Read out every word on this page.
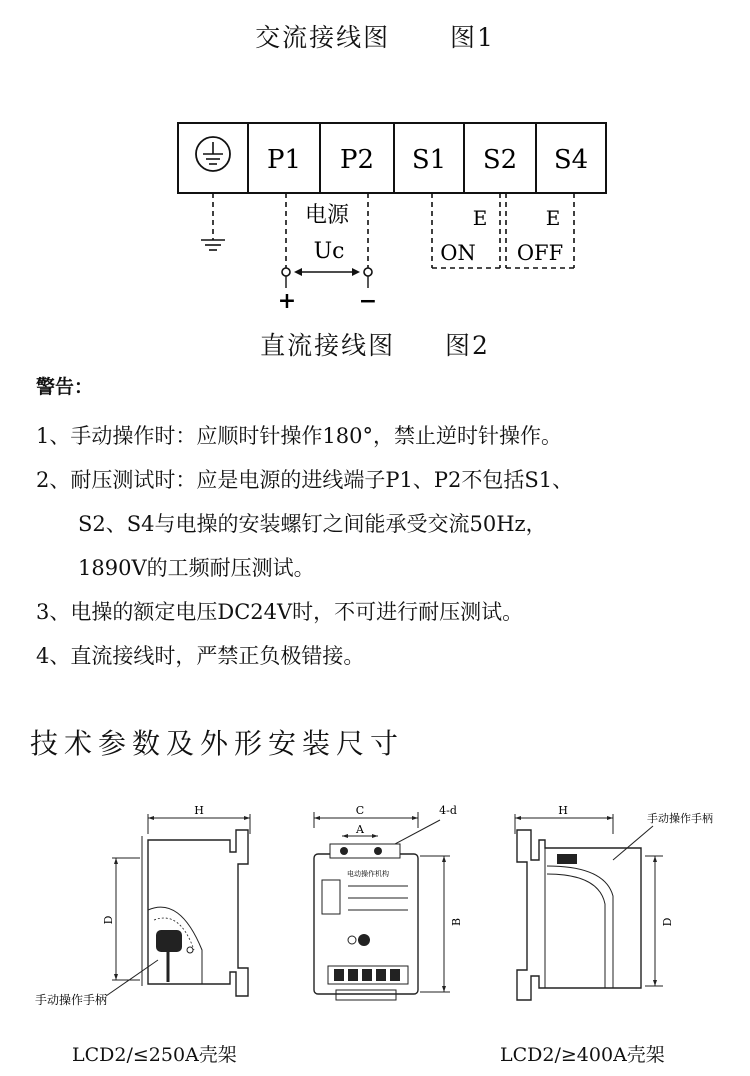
交流接线图 图1
P1 P2 S1 S2 S4
电源
Uc
+	−
E	E
ON OFF
直流接线图 图2
警告：
1、手动操作时：应顺时针操作180°，禁止逆时针操作。
2、耐压测试时：应是电源的进线端子P1、P2不包括S1、
S2、S4与电操的安装螺钉之间能承受交流50Hz，
1890V的工频耐压测试。
3、电操的额定电压DC24V时，不可进行耐压测试。
4、直流接线时，严禁正负极错接。
技术参数及外形安装尺寸
H
D
手动操作手柄
LCD2/≤250A壳架
C
A
4-d
电动操作机构
B
H
手动操作手柄
D
LCD2/≥400A壳架
